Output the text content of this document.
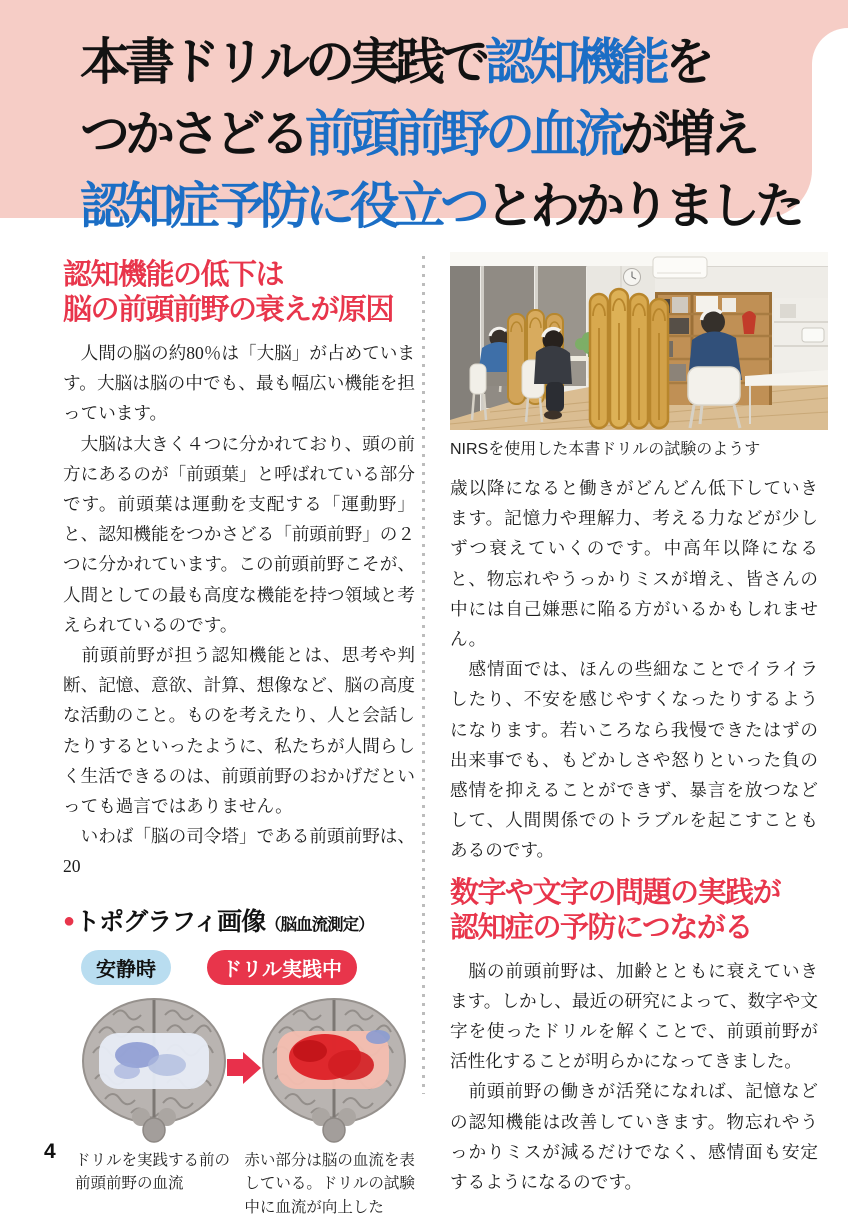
本書ドリルの実践で認知機能を
つかさどる前頭前野の血流が増え
認知症予防に役立つとわかりました
認知機能の低下は
脳の前頭前野の衰えが原因

　人間の脳の約80％は「大脳」が占めています。大脳は脳の中でも、最も幅広い機能を担っています。

　大脳は大きく４つに分かれており、頭の前方にあるのが「前頭葉」と呼ばれている部分です。前頭葉は運動を支配する「運動野」と、認知機能をつかさどる「前頭前野」の２つに分かれています。この前頭前野こそが、人間としての最も高度な機能を持つ領域と考えられているのです。

　前頭前野が担う認知機能とは、思考や判断、記憶、意欲、計算、想像など、脳の高度な活動のこと。ものを考えたり、人と会話したりするといったように、私たちが人間らしく生活できるのは、前頭前野のおかげだといっても過言ではありません。

　いわば「脳の司令塔」である前頭前野は、20

●トポグラフィ画像（脳血流測定）
安静時	ドリル実践中
ドリルを実践する前の前頭前野の血流
赤い部分は脳の血流を表している。ドリルの試験中に血流が向上した
NIRSを使用した本書ドリルの試験のようす

歳以降になると働きがどんどん低下していきます。記憶力や理解力、考える力などが少しずつ衰えていくのです。中高年以降になると、物忘れやうっかりミスが増え、皆さんの中には自己嫌悪に陥る方がいるかもしれません。

　感情面では、ほんの些細なことでイライラしたり、不安を感じやすくなったりするようになります。若いころなら我慢できたはずの出来事でも、もどかしさや怒りといった負の感情を抑えることができず、暴言を放つなどして、人間関係でのトラブルを起こすこともあるのです。

数字や文字の問題の実践が
認知症の予防につながる

　脳の前頭前野は、加齢とともに衰えていきます。しかし、最近の研究によって、数字や文字を使ったドリルを解くことで、前頭前野が活性化することが明らかになってきました。

　前頭前野の働きが活発になれば、記憶などの認知機能は改善していきます。物忘れやうっかりミスが減るだけでなく、感情面も安定するようになるのです。

4
